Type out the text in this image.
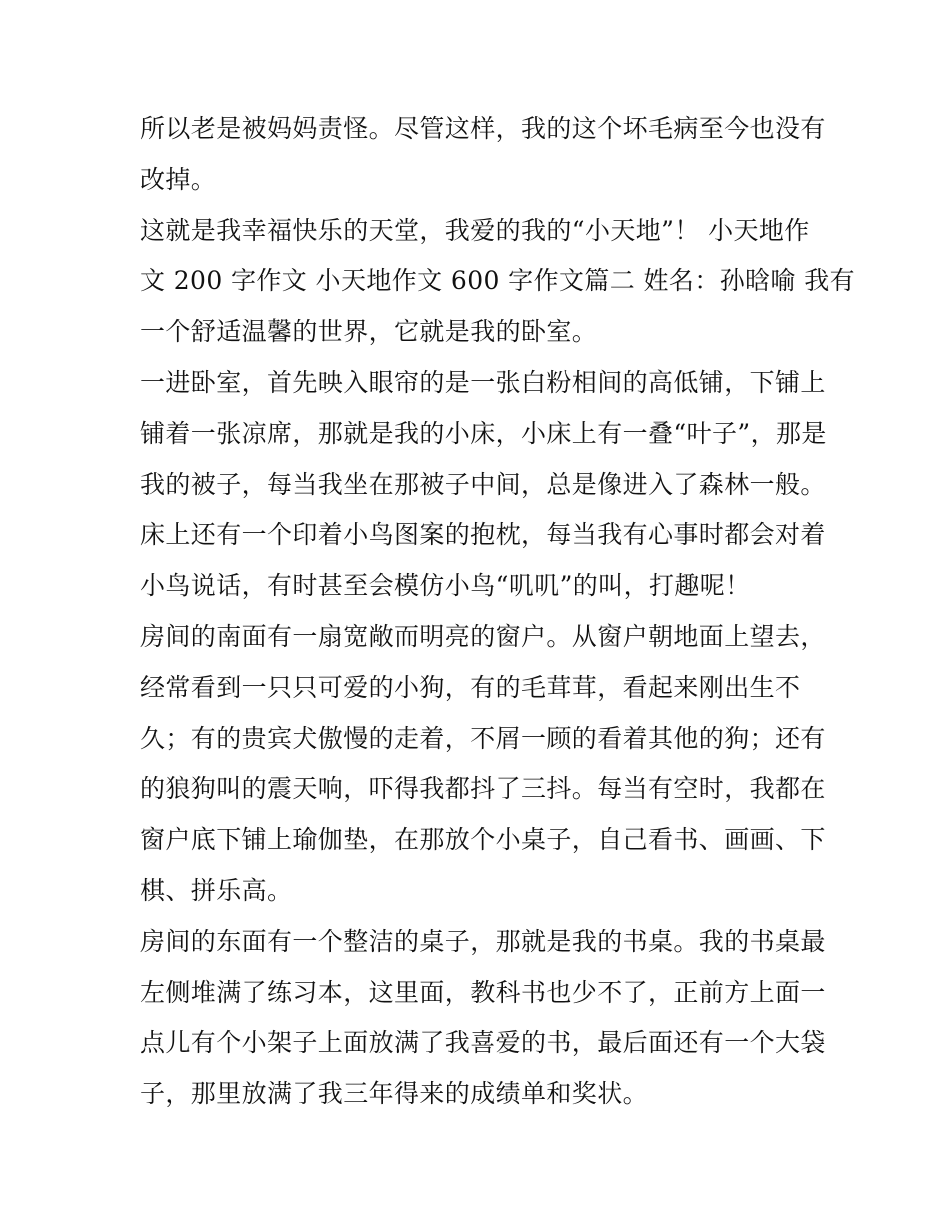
所以老是被妈妈责怪。尽管这样，我的这个坏毛病至今也没有
改掉。
这就是我幸福快乐的天堂，我爱的我的“小天地”！ 小天地作
文 200 字作文 小天地作文 600 字作文篇二 姓名：孙晗喻 我有
一个舒适温馨的世界，它就是我的卧室。
一进卧室，首先映入眼帘的是一张白粉相间的高低铺，下铺上
铺着一张凉席，那就是我的小床，小床上有一叠“叶子”，那是
我的被子，每当我坐在那被子中间，总是像进入了森林一般。
床上还有一个印着小鸟图案的抱枕，每当我有心事时都会对着
小鸟说话，有时甚至会模仿小鸟“叽叽”的叫，打趣呢！
房间的南面有一扇宽敞而明亮的窗户。从窗户朝地面上望去，
经常看到一只只可爱的小狗，有的毛茸茸，看起来刚出生不
久；有的贵宾犬傲慢的走着，不屑一顾的看着其他的狗；还有
的狼狗叫的震天响，吓得我都抖了三抖。每当有空时，我都在
窗户底下铺上瑜伽垫，在那放个小桌子，自己看书、画画、下
棋、拼乐高。
房间的东面有一个整洁的桌子，那就是我的书桌。我的书桌最
左侧堆满了练习本，这里面，教科书也少不了，正前方上面一
点儿有个小架子上面放满了我喜爱的书，最后面还有一个大袋
子，那里放满了我三年得来的成绩单和奖状。
